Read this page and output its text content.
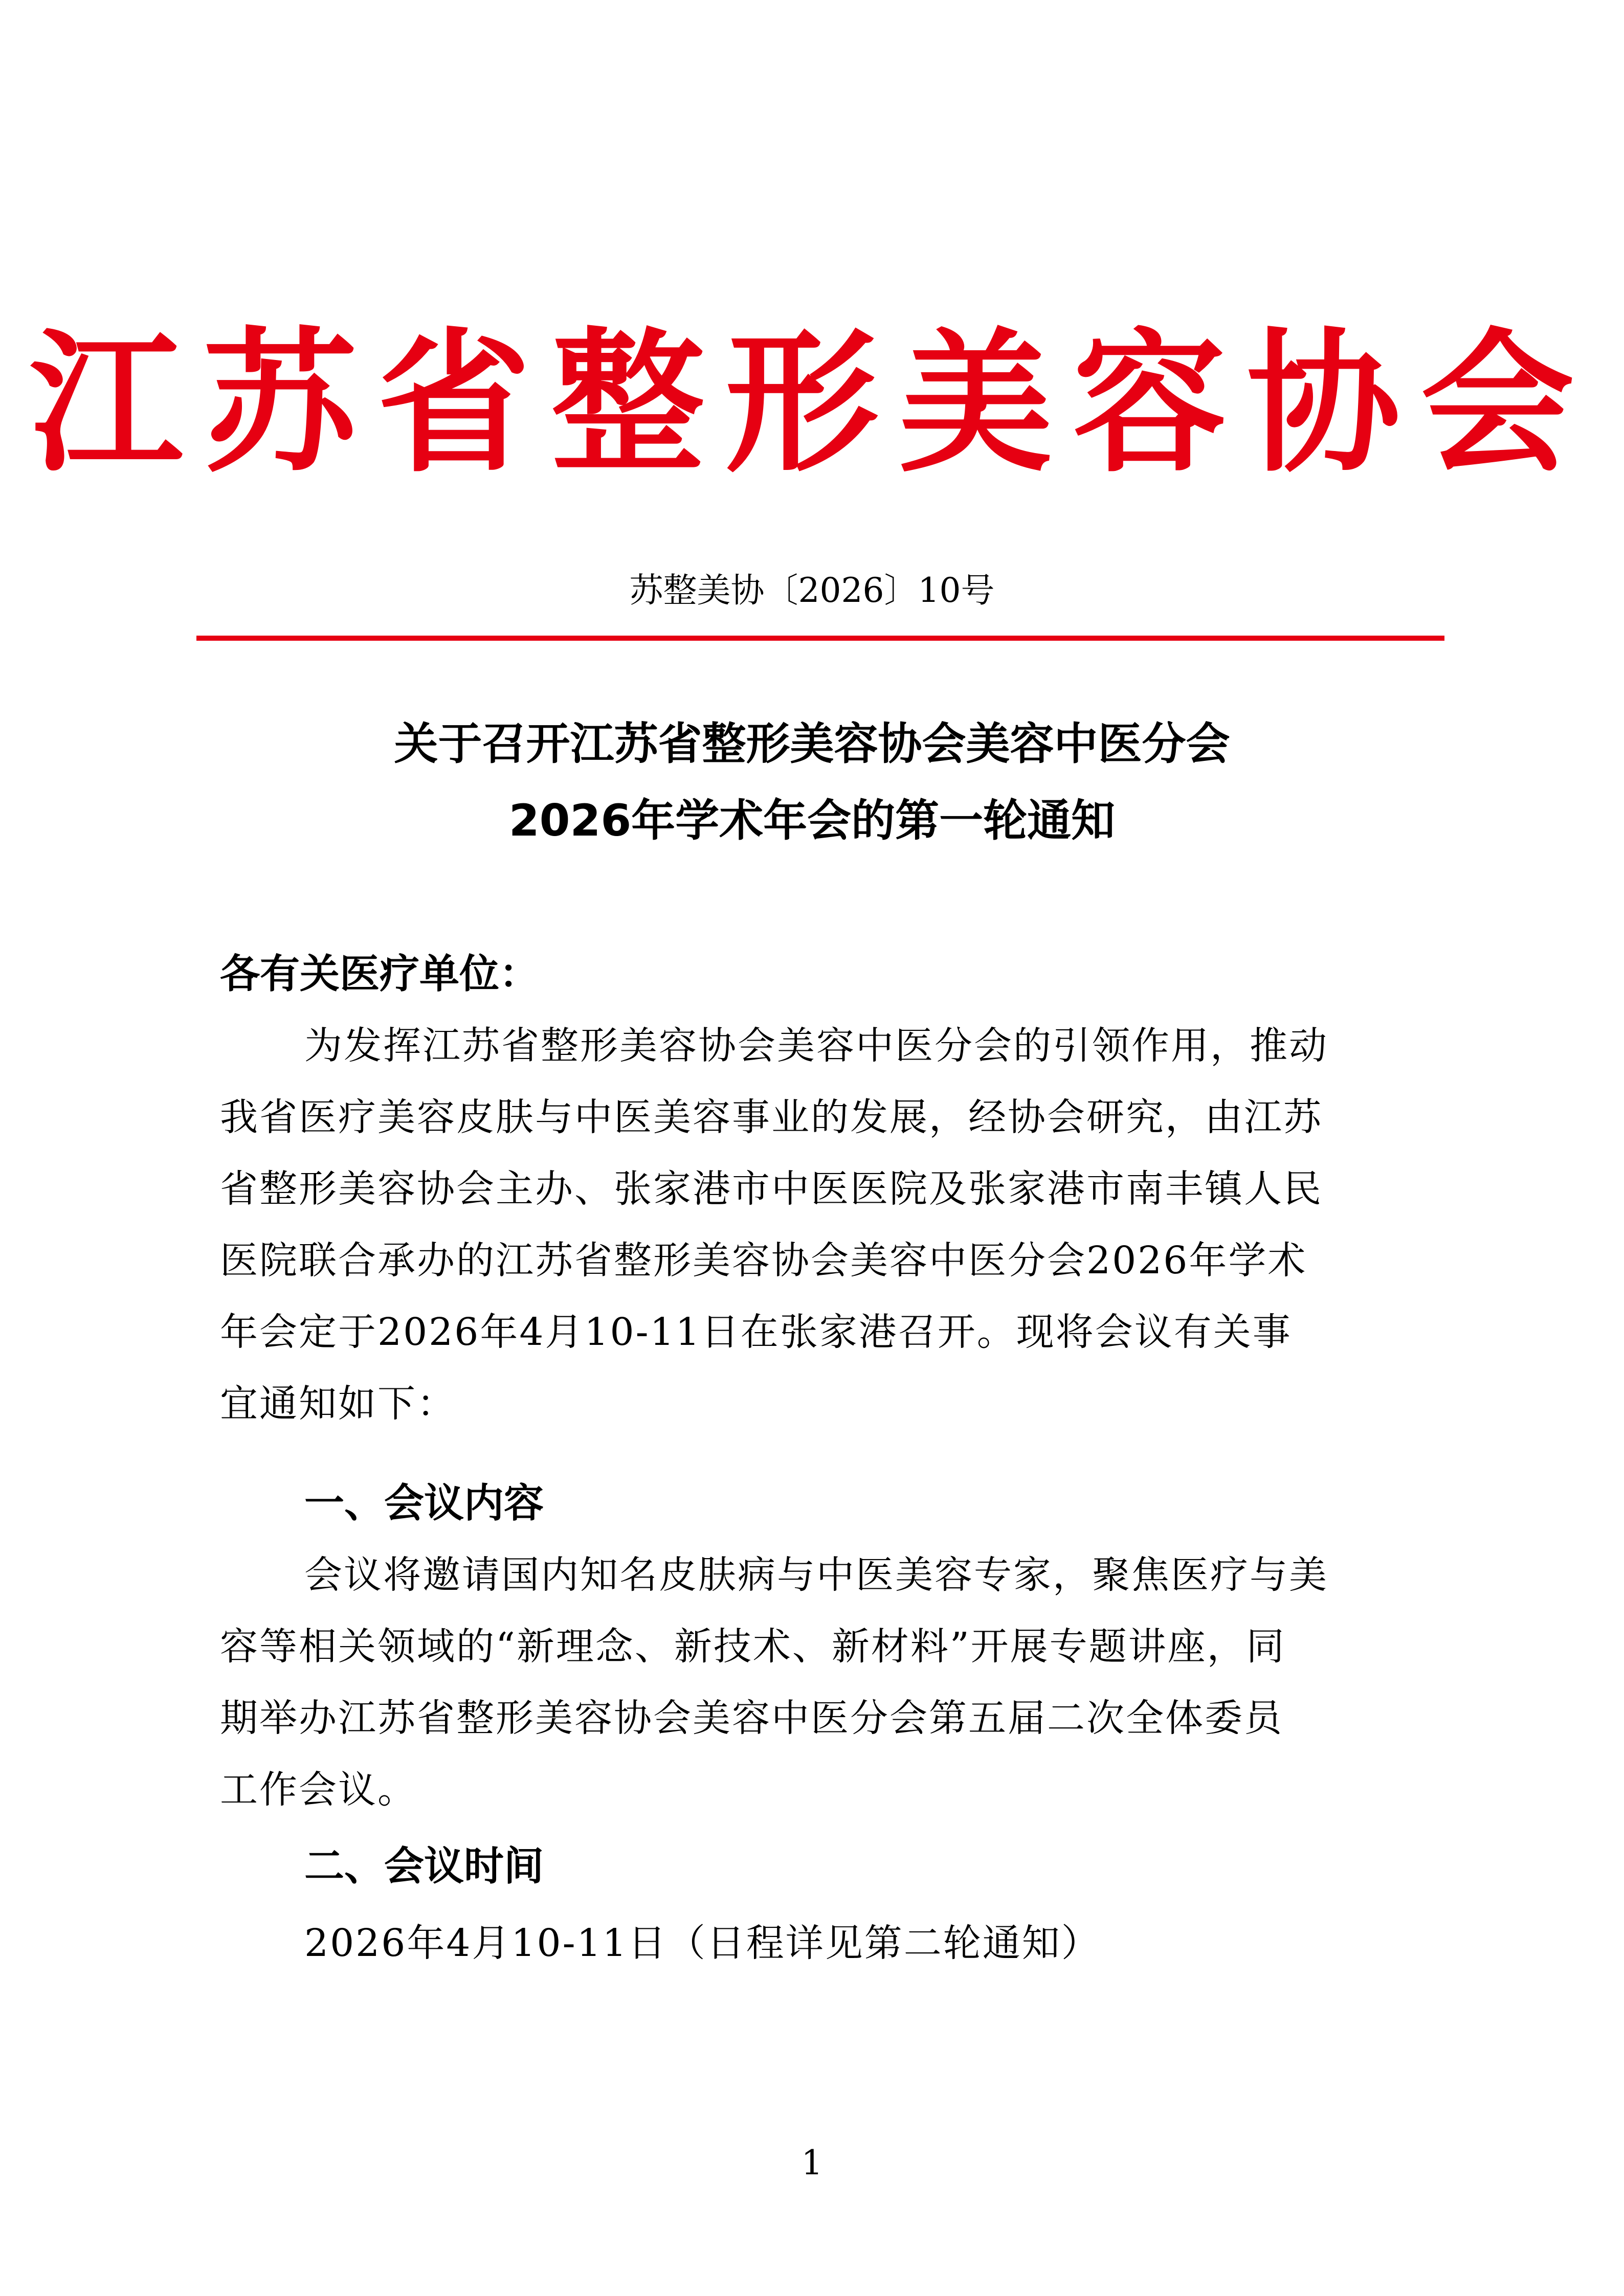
江苏省整形美容协会
苏整美协〔2026〕10号
关于召开江苏省整形美容协会美容中医分会
2026年学术年会的第一轮通知
各有关医疗单位：
为发挥江苏省整形美容协会美容中医分会的引领作用，推动
我省医疗美容皮肤与中医美容事业的发展，经协会研究，由江苏
省整形美容协会主办、张家港市中医医院及张家港市南丰镇人民
医院联合承办的江苏省整形美容协会美容中医分会2026年学术
年会定于2026年4月10-11日在张家港召开。现将会议有关事
宜通知如下：
一、会议内容
会议将邀请国内知名皮肤病与中医美容专家，聚焦医疗与美
容等相关领域的“新理念、新技术、新材料”开展专题讲座，同
期举办江苏省整形美容协会美容中医分会第五届二次全体委员
工作会议。
二、会议时间
2026年4月10-11日（日程详见第二轮通知）
1
